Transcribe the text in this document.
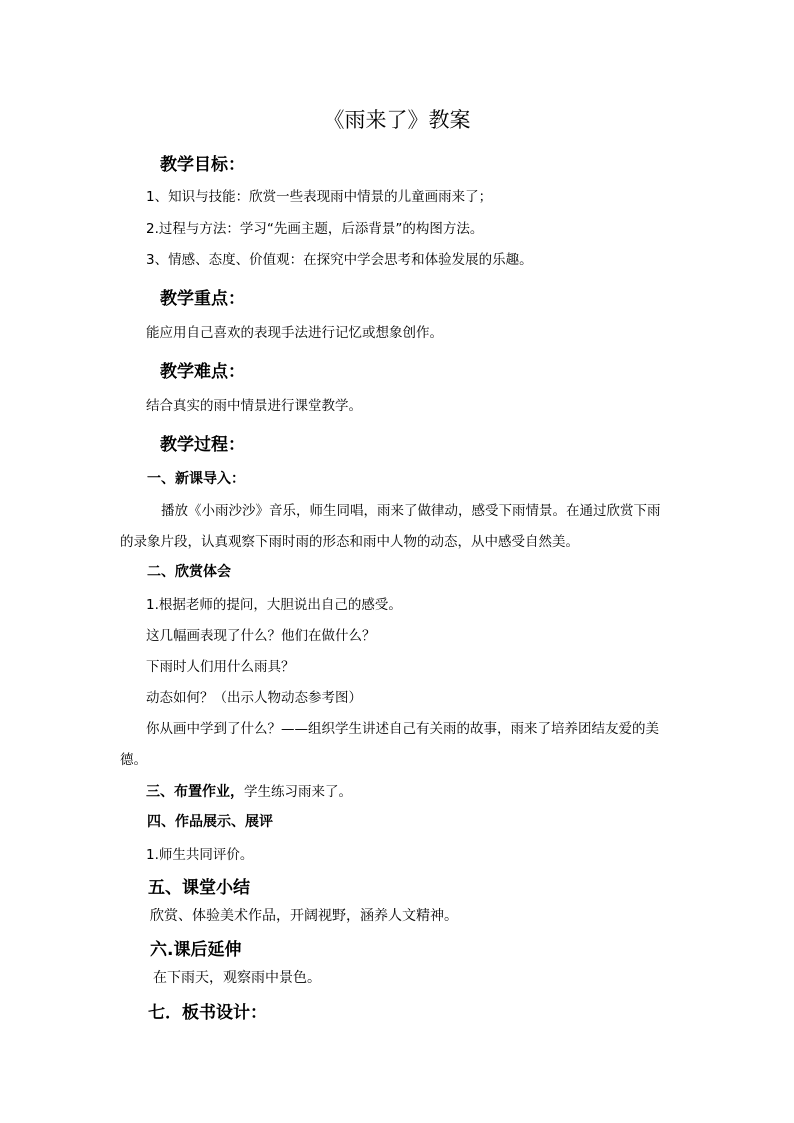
《雨来了》教案
教学目标：
1、知识与技能：欣赏一些表现雨中情景的儿童画雨来了；
2.过程与方法：学习“先画主题，后添背景”的构图方法。
3、情感、态度、价值观：在探究中学会思考和体验发展的乐趣。
教学重点：
能应用自己喜欢的表现手法进行记忆或想象创作。
教学难点：
结合真实的雨中情景进行课堂教学。
教学过程：
一、新课导入：
播放《小雨沙沙》音乐，师生同唱，雨来了做律动，感受下雨情景。在通过欣赏下雨
的录象片段，认真观察下雨时雨的形态和雨中人物的动态，从中感受自然美。
二、欣赏体会
1.根据老师的提问，大胆说出自己的感受。
这几幅画表现了什么？他们在做什么？
下雨时人们用什么雨具？
动态如何？（出示人物动态参考图）
你从画中学到了什么？——组织学生讲述自己有关雨的故事，雨来了培养团结友爱的美
德。
三、布置作业，学生练习雨来了。
四、作品展示、展评
1.师生共同评价。
五、课堂小结
欣赏、体验美术作品，开阔视野，涵养人文精神。
六.课后延伸
在下雨天，观察雨中景色。
七．板书设计：
